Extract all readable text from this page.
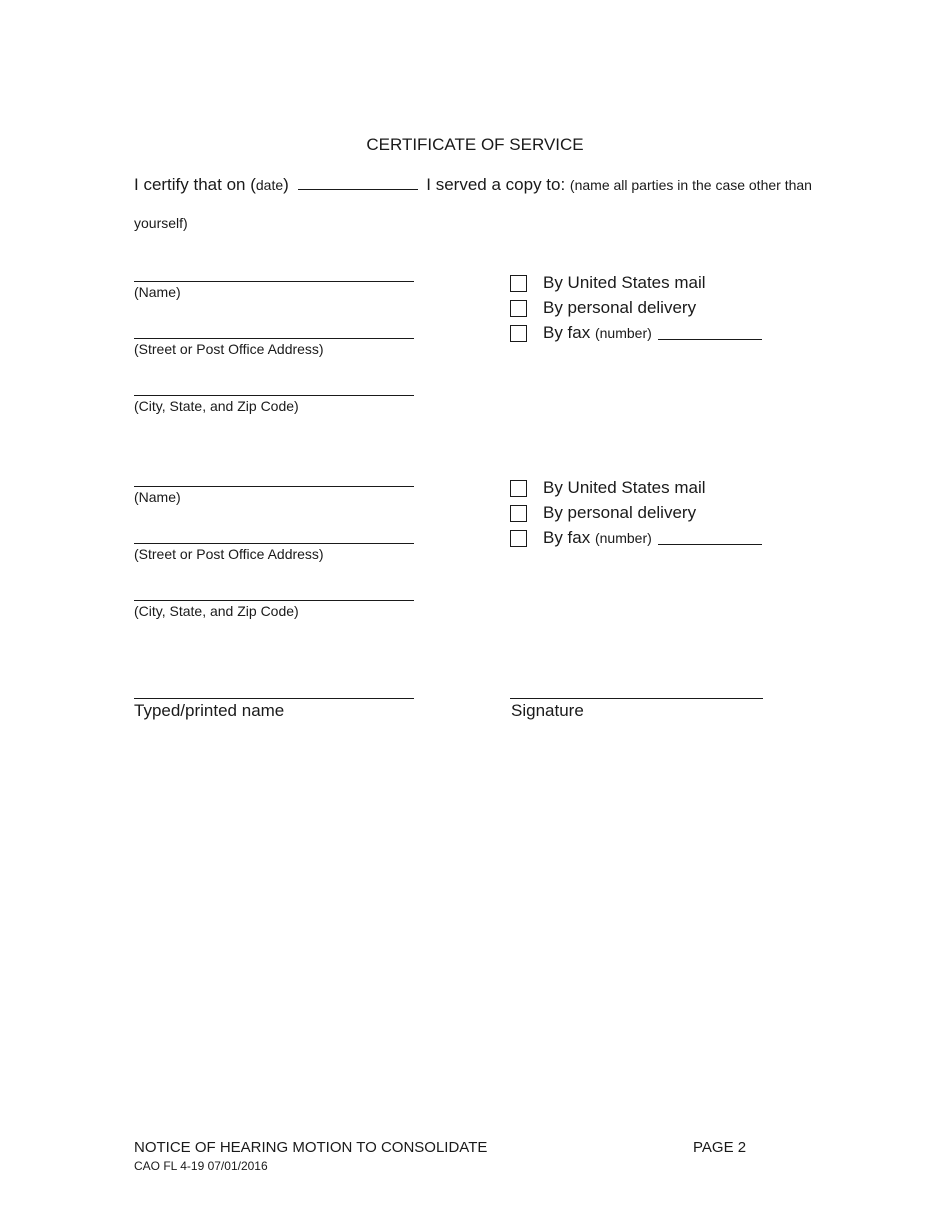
CERTIFICATE OF SERVICE
I certify that on (date)	I served a copy to: (name all parties in the case other than
yourself)
(Name)
(Street or Post Office Address)
(City, State, and Zip Code)
By United States mail
By personal delivery
By fax
(number)
(Name)
(Street or Post Office Address)
(City, State, and Zip Code)
By United States mail
By personal delivery
By fax
(number)
Typed/printed name	Signature
NOTICE OF HEARING MOTION TO CONSOLIDATE
CAO FL 4-19 07/01/2016
PAGE 2
